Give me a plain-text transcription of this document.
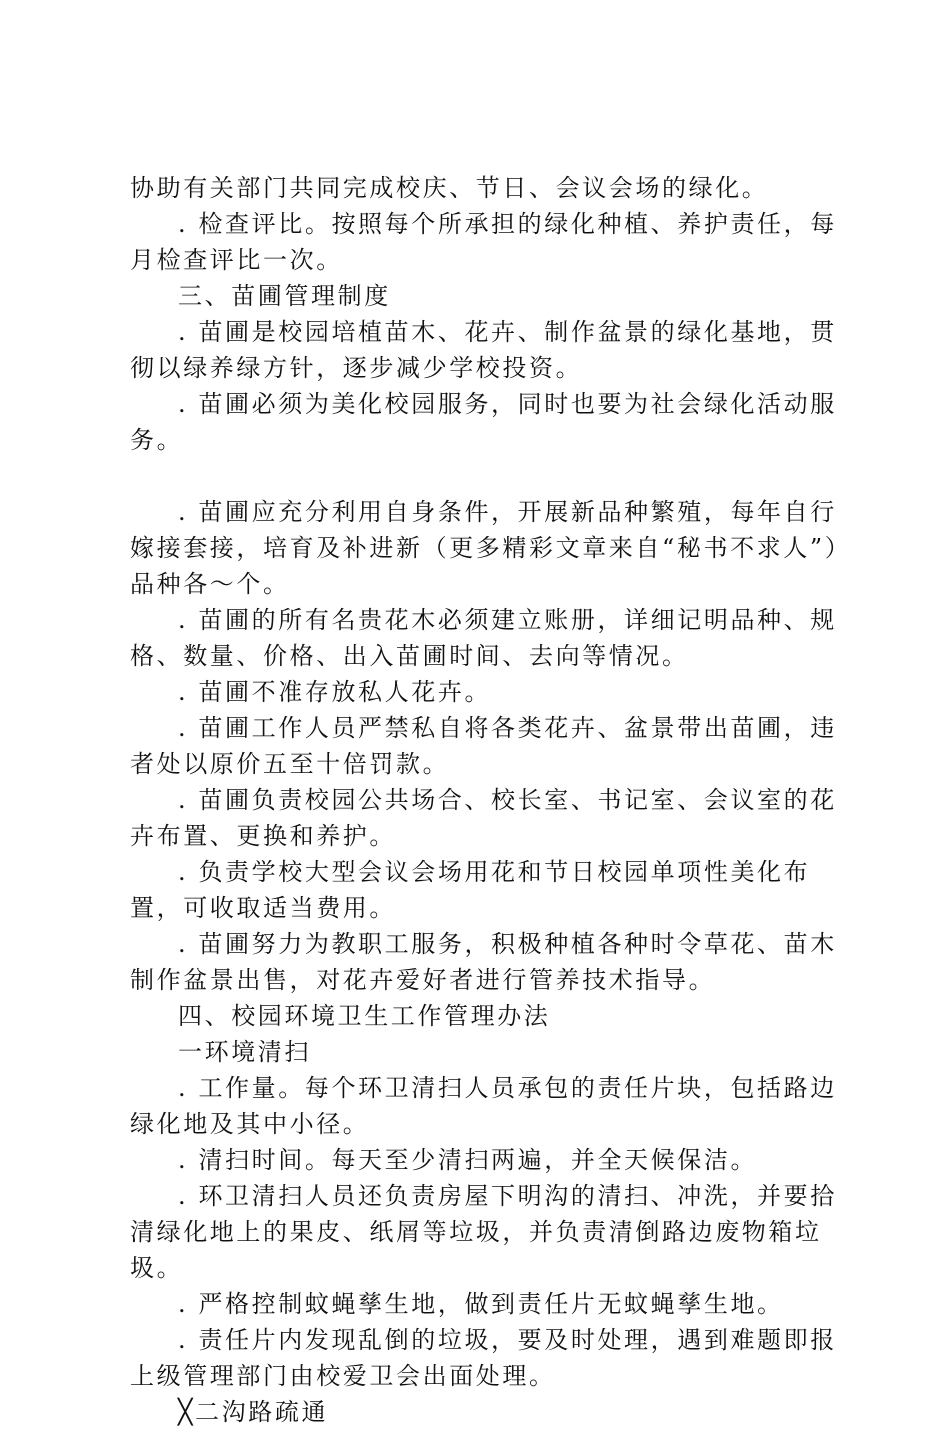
协助有关部门共同完成校庆、节日、会议会场的绿化。

. 检查评比。按照每个所承担的绿化种植、养护责任，每月检查评比一次。

三、苗圃管理制度

. 苗圃是校园培植苗木、花卉、制作盆景的绿化基地，贯彻以绿养绿方针，逐步减少学校投资。

. 苗圃必须为美化校园服务，同时也要为社会绿化活动服务。

. 苗圃应充分利用自身条件，开展新品种繁殖，每年自行嫁接套接，培育及补进新（更多精彩文章来自“秘书不求人”）品种各～个。

. 苗圃的所有名贵花木必须建立账册，详细记明品种、规格、数量、价格、出入苗圃时间、去向等情况。

. 苗圃不准存放私人花卉。

. 苗圃工作人员严禁私自将各类花卉、盆景带出苗圃，违者处以原价五至十倍罚款。

. 苗圃负责校园公共场合、校长室、书记室、会议室的花卉布置、更换和养护。

. 负责学校大型会议会场用花和节日校园单项性美化布置，可收取适当费用。

. 苗圃努力为教职工服务，积极种植各种时令草花、苗木制作盆景出售，对花卉爱好者进行管养技术指导。

四、校园环境卫生工作管理办法

一环境清扫

. 工作量。每个环卫清扫人员承包的责任片块，包括路边绿化地及其中小径。

. 清扫时间。每天至少清扫两遍，并全天候保洁。

. 环卫清扫人员还负责房屋下明沟的清扫、冲洗，并要拾清绿化地上的果皮、纸屑等垃圾，并负责清倒路边废物箱垃圾。

. 严格控制蚊蝇孳生地，做到责任片无蚊蝇孳生地。

. 责任片内发现乱倒的垃圾，要及时处理，遇到难题即报上级管理部门由校爱卫会出面处理。

╳二沟路疏通
